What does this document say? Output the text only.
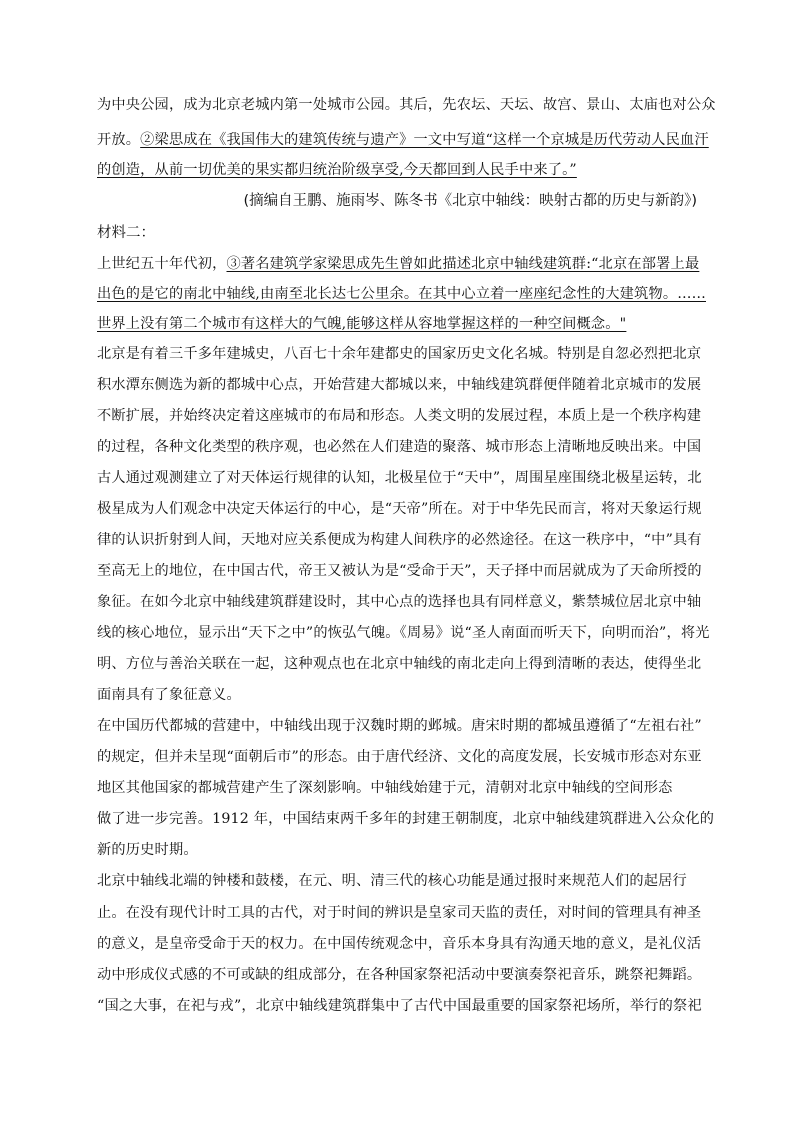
为中央公园，成为北京老城内第一处城市公园。其后，先农坛、天坛、故宫、景山、太庙也对公众
开放。②梁思成在《我国伟大的建筑传统与遗产》一文中写道“这样一个京城是历代劳动人民血汗
的创造，从前一切优美的果实都归统治阶级享受,今天都回到人民手中来了。”
(摘编自王鹏、施雨岑、陈冬书《北京中轴线：映射古都的历史与新韵》)
材料二：
上世纪五十年代初，③著名建筑学家梁思成先生曾如此描述北京中轴线建筑群:“北京在部署上最
出色的是它的南北中轴线,由南至北长达七公里余。在其中心立着一座座纪念性的大建筑物。……
世界上没有第二个城市有这样大的气魄,能够这样从容地掌握这样的一种空间概念。"
北京是有着三千多年建城史，八百七十余年建都史的国家历史文化名城。特别是自忽必烈把北京
积水潭东侧选为新的都城中心点，开始营建大都城以来，中轴线建筑群便伴随着北京城市的发展
不断扩展，并始终决定着这座城市的布局和形态。人类文明的发展过程，本质上是一个秩序构建
的过程，各种文化类型的秩序观，也必然在人们建造的聚落、城市形态上清晰地反映出来。中国
古人通过观测建立了对天体运行规律的认知，北极星位于“天中”，周围星座围绕北极星运转，北
极星成为人们观念中决定天体运行的中心，是“天帝”所在。对于中华先民而言，将对天象运行规
律的认识折射到人间，天地对应关系便成为构建人间秩序的必然途径。在这一秩序中，“中”具有
至高无上的地位，在中国古代，帝王又被认为是“受命于天”，天子择中而居就成为了天命所授的
象征。在如今北京中轴线建筑群建设时，其中心点的选择也具有同样意义，紫禁城位居北京中轴
线的核心地位，显示出“天下之中”的恢弘气魄。《周易》说“圣人南面而听天下，向明而治”，将光
明、方位与善治关联在一起，这种观点也在北京中轴线的南北走向上得到清晰的表达，使得坐北
面南具有了象征意义。
在中国历代都城的营建中，中轴线出现于汉魏时期的邺城。唐宋时期的都城虽遵循了“左祖右社”
的规定，但并未呈现“面朝后市”的形态。由于唐代经济、文化的高度发展，长安城市形态对东亚
地区其他国家的都城营建产生了深刻影响。中轴线始建于元，清朝对北京中轴线的空间形态
做了进一步完善。1912 年，中国结束两千多年的封建王朝制度，北京中轴线建筑群进入公众化的
新的历史时期。
北京中轴线北端的钟楼和鼓楼，在元、明、清三代的核心功能是通过报时来规范人们的起居行
止。在没有现代计时工具的古代，对于时间的辨识是皇家司天监的责任，对时间的管理具有神圣
的意义，是皇帝受命于天的权力。在中国传统观念中，音乐本身具有沟通天地的意义，是礼仪活
动中形成仪式感的不可或缺的组成部分，在各种国家祭祀活动中要演奏祭祀音乐，跳祭祀舞蹈。
“国之大事，在祀与戎”，北京中轴线建筑群集中了古代中国最重要的国家祭祀场所，举行的祭祀
